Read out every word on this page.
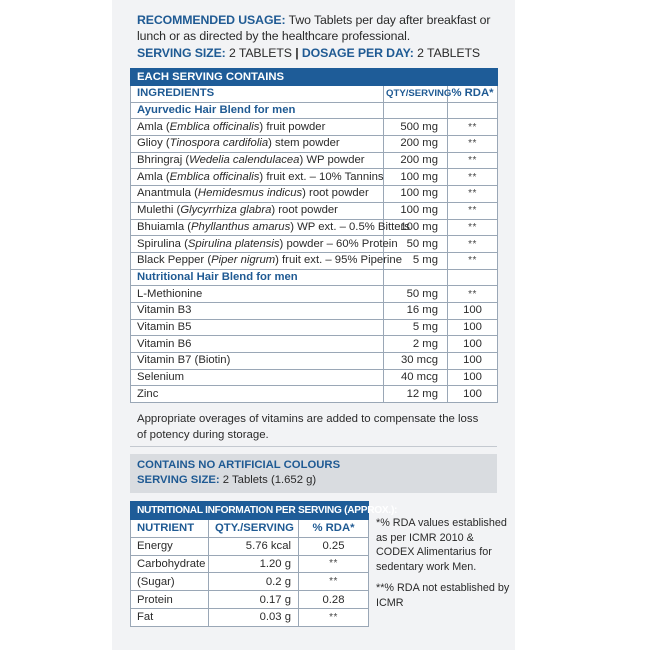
RECOMMENDED USAGE: Two Tablets per day after breakfast or lunch or as directed by the healthcare professional.
SERVING SIZE: 2 TABLETS | DOSAGE PER DAY: 2 TABLETS
EACH SERVING CONTAINS		
INGREDIENTS	QTY/SERVING	% RDA*
Ayurvedic Hair Blend for men		
Amla (Emblica officinalis) fruit powder	500 mg	**
Glioy (Tinospora cardifolia) stem powder	200 mg	**
Bhringraj (Wedelia calendulacea) WP powder	200 mg	**
Amla (Emblica officinalis) fruit ext. – 10% Tannins	100 mg	**
Anantmula (Hemidesmus indicus) root powder	100 mg	**
Mulethi (Glycyrrhiza glabra) root powder	100 mg	**
Bhuiamla (Phyllanthus amarus) WP ext. – 0.5% Bitters	100 mg	**
Spirulina (Spirulina platensis) powder – 60% Protein	50 mg	**
Black Pepper (Piper nigrum) fruit ext. – 95% Piperine	5 mg	**
Nutritional Hair Blend for men		
L-Methionine	50 mg	**
Vitamin B3	16 mg	100
Vitamin B5	5 mg	100
Vitamin B6	2 mg	100
Vitamin B7 (Biotin)	30 mcg	100
Selenium	40 mcg	100
Zinc	12 mg	100
Appropriate overages of vitamins are added to compensate the loss of potency during storage.
CONTAINS NO ARTIFICIAL COLOURS
SERVING SIZE: 2 Tablets (1.652 g)
NUTRITIONAL INFORMATION PER SERVING (APPROX.):		
NUTRIENT	QTY./SERVING	% RDA*
Energy	5.76 kcal	0.25
Carbohydrate	1.20 g	**
(Sugar)	0.2 g	**
Protein	0.17 g	0.28
Fat	0.03 g	**

*% RDA values established as per ICMR 2010 & CODEX Alimentarius for sedentary work Men.

**% RDA not established by ICMR
